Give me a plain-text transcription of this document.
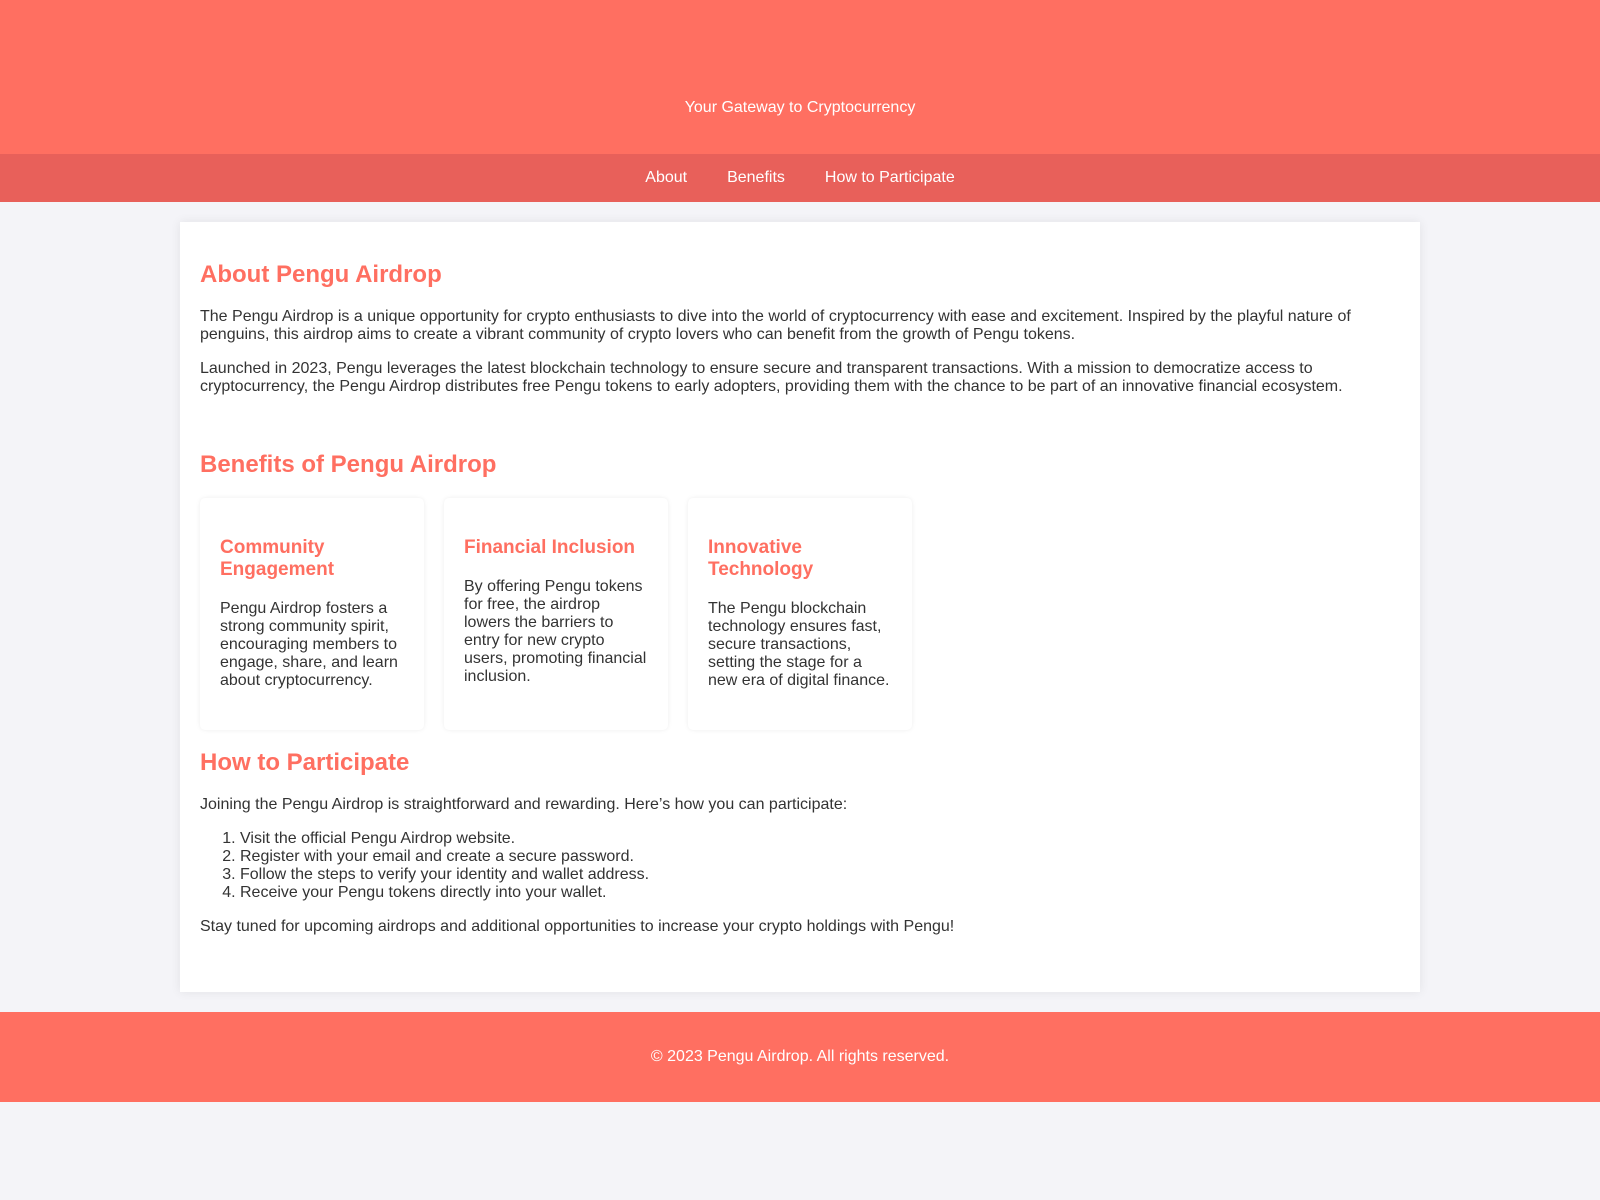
Your Gateway to Cryptocurrency

About	Benefits	How to Participate
About Pengu Airdrop

The Pengu Airdrop is a unique opportunity for crypto enthusiasts to dive into the world of cryptocurrency with ease and excitement. Inspired by the playful nature of penguins, this airdrop aims to create a vibrant community of crypto lovers who can benefit from the growth of Pengu tokens.

Launched in 2023, Pengu leverages the latest blockchain technology to ensure secure and transparent transactions. With a mission to democratize access to cryptocurrency, the Pengu Airdrop distributes free Pengu tokens to early adopters, providing them with the chance to be part of an innovative financial ecosystem.

Benefits of Pengu Airdrop
Community Engagement

Pengu Airdrop fosters a strong community spirit, encouraging members to engage, share, and learn about cryptocurrency.

Financial Inclusion

By offering Pengu tokens for free, the airdrop lowers the barriers to entry for new crypto users, promoting financial inclusion.

Innovative Technology

The Pengu blockchain technology ensures fast, secure transactions, setting the stage for a new era of digital finance.

How to Participate

Joining the Pengu Airdrop is straightforward and rewarding. Here’s how you can participate:

1. Visit the official Pengu Airdrop website.
2. Register with your email and create a secure password.
3. Follow the steps to verify your identity and wallet address.
4. Receive your Pengu tokens directly into your wallet.

Stay tuned for upcoming airdrops and additional opportunities to increase your crypto holdings with Pengu!

© 2023 Pengu Airdrop. All rights reserved.
